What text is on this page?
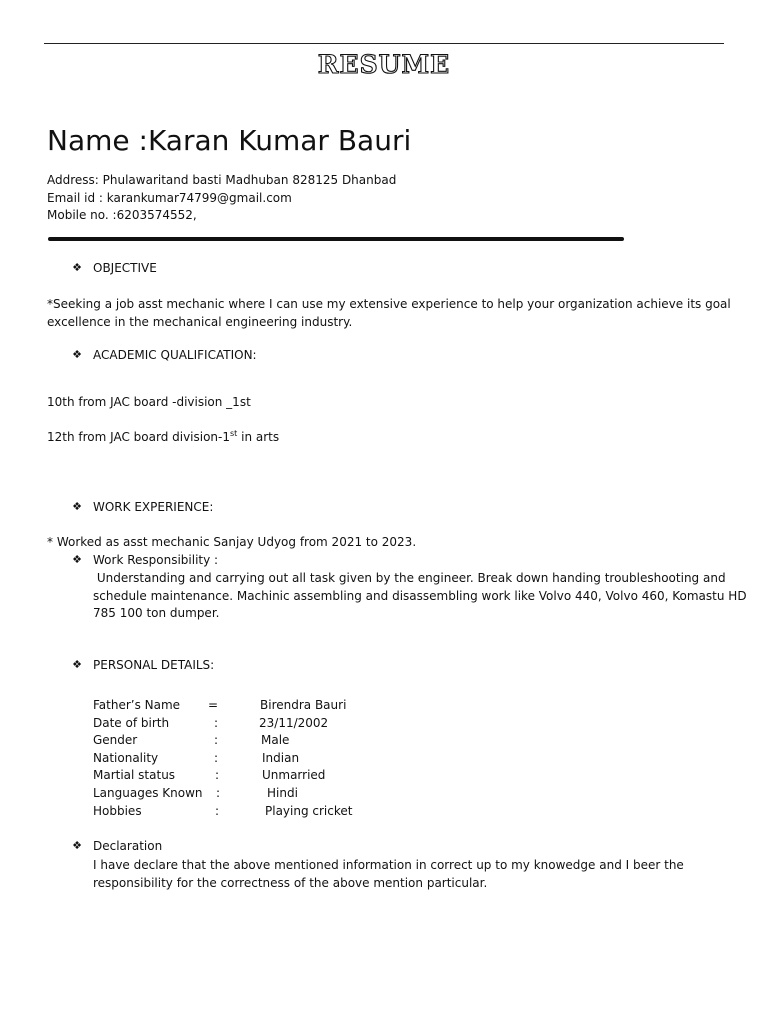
RESUME
Name :Karan Kumar Bauri
Address: Phulawaritand basti Madhuban 828125 Dhanbad
Email id : karankumar74799@gmail.com
Mobile no. :6203574552,
❖ OBJECTIVE
*Seeking a job asst mechanic where I can use my extensive experience to help your organization achieve its goal
excellence in the mechanical engineering industry.
❖ ACADEMIC QUALIFICATION:
10th from JAC board -division _1st
12th from JAC board division-1st in arts
❖ WORK EXPERIENCE:
* Worked as asst mechanic Sanjay Udyog from 2021 to 2023.
❖ Work Responsibility :
Understanding and carrying out all task given by the engineer. Break down handing troubleshooting and
schedule maintenance. Machinic assembling and disassembling work like Volvo 440, Volvo 460, Komastu HD
785 100 ton dumper.
❖ PERSONAL DETAILS:
Father’s Name =	Birendra Bauri
Date of birth	:	23/11/2002
Gender	:	Male
Nationality	:	Indian
Martial status	:	Unmarried
Languages Known :	Hindi
Hobbies	:	Playing cricket
❖ Declaration
I have declare that the above mentioned information in correct up to my knowedge and I beer the
responsibility for the correctness of the above mention particular.
